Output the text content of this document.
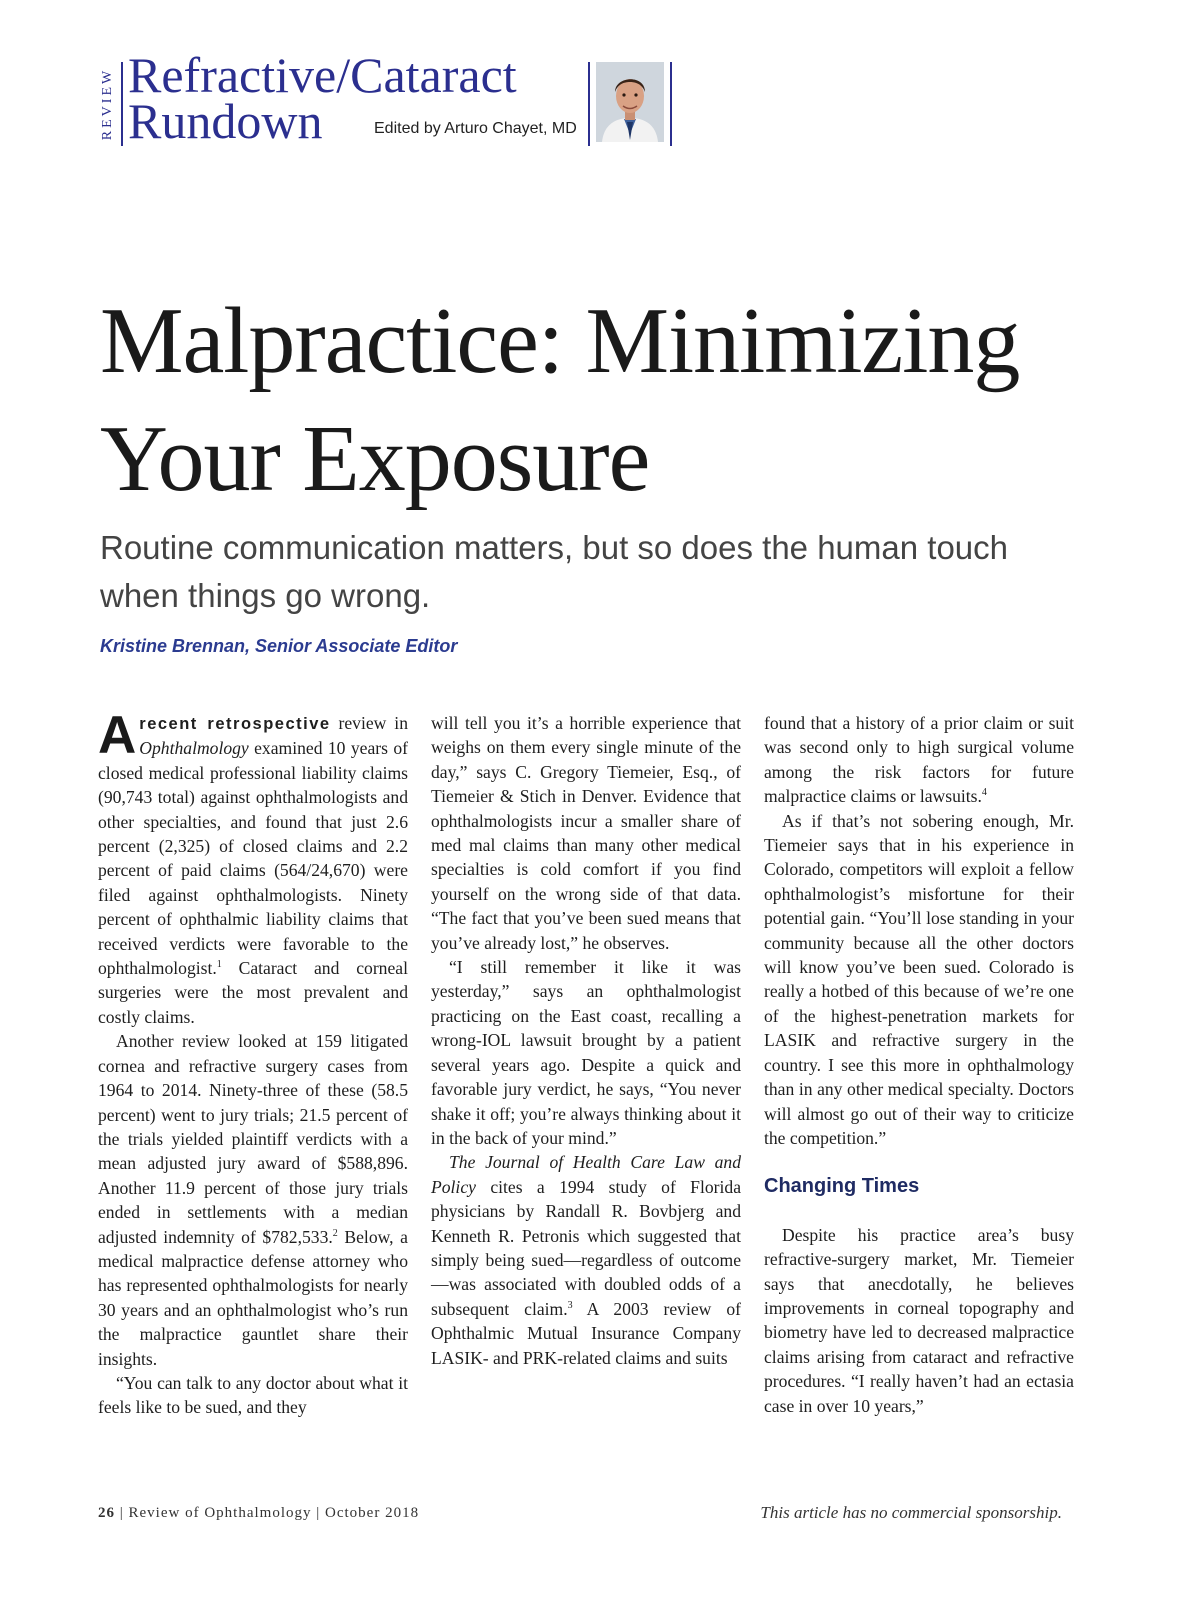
REVIEW Refractive/Cataract
Rundown	Edited by Arturo Chayet, MD
Malpractice: Minimizing
Your Exposure
Routine communication matters, but so does the human touch when things go wrong.
Kristine Brennan, Senior Associate Editor

Arecent retrospective review in Ophthalmology examined 10 years of closed medical professional liability claims (90,743 total) against ophthalmologists and other specialties, and found that just 2.6 percent (2,325) of closed claims and 2.2 percent of paid claims (564/24,670) were filed against ophthalmologists. Ninety percent of ophthalmic liability claims that received verdicts were favorable to the ophthalmologist.$^1$ Cataract and corneal surgeries were the most prevalent and costly claims.

Another review looked at 159 litigated cornea and refractive surgery cases from 1964 to 2014. Ninety-three of these (58.5 percent) went to jury trials; 21.5 percent of the trials yielded plaintiff verdicts with a mean adjusted jury award of $588,896. Another 11.9 percent of those jury trials ended in settlements with a median adjusted indemnity of $782,533.$^2$ Below, a medical malpractice defense attorney who has represented ophthalmologists for nearly 30 years and an ophthalmologist who’s run the malpractice gauntlet share their insights.

“You can talk to any doctor about what it feels like to be sued, and they

will tell you it’s a horrible experience that weighs on them every single minute of the day,” says C. Gregory Tiemeier, Esq., of Tiemeier & Stich in Denver. Evidence that ophthalmologists incur a smaller share of med mal claims than many other medical specialties is cold comfort if you find yourself on the wrong side of that data. “The fact that you’ve been sued means that you’ve already lost,” he observes.

“I still remember it like it was yesterday,” says an ophthalmologist practicing on the East coast, recalling a wrong-IOL lawsuit brought by a patient several years ago. Despite a quick and favorable jury verdict, he says, “You never shake it off; you’re always thinking about it in the back of your mind.”

The Journal of Health Care Law and Policy cites a 1994 study of Florida physicians by Randall R. Bovbjerg and Kenneth R. Petronis which suggested that simply being sued—regardless of outcome—was associated with doubled odds of a subsequent claim.$^3$ A 2003 review of Ophthalmic Mutual Insurance Company LASIK- and PRK-related claims and suits

found that a history of a prior claim or suit was second only to high surgical volume among the risk factors for future malpractice claims or lawsuits.$^4$

As if that’s not sobering enough, Mr. Tiemeier says that in his experience in Colorado, competitors will exploit a fellow ophthalmologist’s misfortune for their potential gain. “You’ll lose standing in your community because all the other doctors will know you’ve been sued. Colorado is really a hotbed of this because of we’re one of the highest-penetration markets for LASIK and refractive surgery in the country. I see this more in ophthalmology than in any other medical specialty. Doctors will almost go out of their way to criticize the competition.”

Changing Times

Despite his practice area’s busy refractive-surgery market, Mr. Tiemeier says that anecdotally, he believes improvements in corneal topography and biometry have led to decreased malpractice claims arising from cataract and refractive procedures. “I really haven’t had an ectasia case in over 10 years,”

26 | Review of Ophthalmology | October 2018	This article has no commercial sponsorship.
